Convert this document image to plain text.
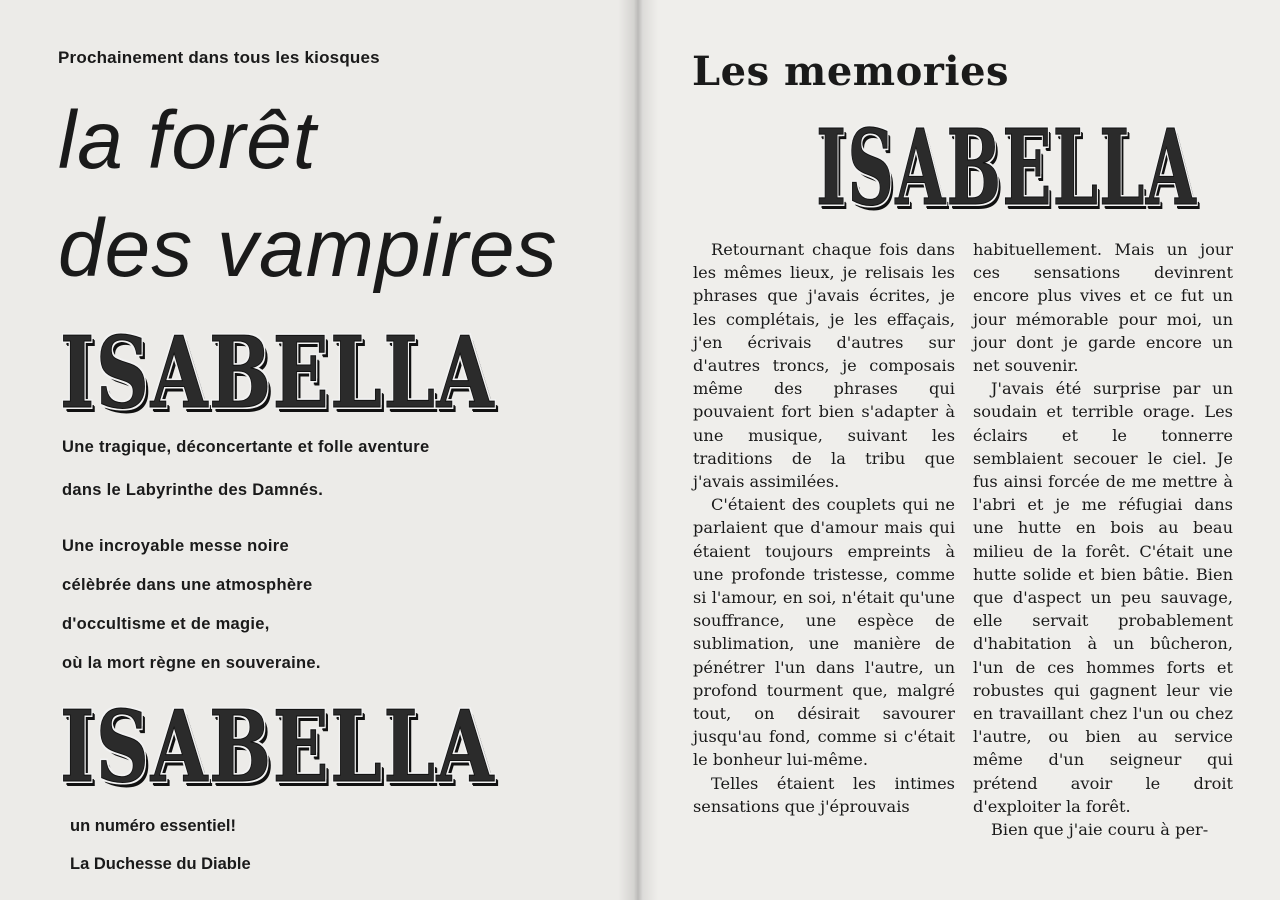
Prochainement dans tous les kiosques
la forêt
des vampires
ISABELLA
Une tragique, déconcertante et folle aventure
dans le Labyrinthe des Damnés.
Une incroyable messe noire
célèbrée dans une atmosphère
d'occultisme et de magie,
où la mort règne en souveraine.
ISABELLA
un numéro essentiel!
La Duchesse du Diable
Les memories
ISABELLA

Retournant chaque fois dans les mêmes lieux, je relisais les phrases que j'avais écrites, je les complétais, je les effaçais, j'en écrivais d'autres sur d'autres troncs, je composais même des phrases qui pouvaient fort bien s'adapter à une musique, suivant les traditions de la tribu que j'avais assimilées.

C'étaient des couplets qui ne parlaient que d'amour mais qui étaient toujours empreints à une profonde tristesse, comme si l'amour, en soi, n'était qu'une souffrance, une espèce de sublimation, une manière de pénétrer l'un dans l'autre, un profond tourment que, malgré tout, on désirait savourer jusqu'au fond, comme si c'était le bonheur lui-même.

Telles étaient les intimes sensations que j'éprouvais

habituellement. Mais un jour ces sensations devinrent encore plus vives et ce fut un jour mémorable pour moi, un jour dont je garde encore un net souvenir.

J'avais été surprise par un soudain et terrible orage. Les éclairs et le tonnerre semblaient secouer le ciel. Je fus ainsi forcée de me mettre à l'abri et je me réfugiai dans une hutte en bois au beau milieu de la forêt. C'était une hutte solide et bien bâtie. Bien que d'aspect un peu sauvage, elle servait probablement d'habitation à un bûcheron, l'un de ces hommes forts et robustes qui gagnent leur vie en travaillant chez l'un ou chez l'autre, ou bien au service même d'un seigneur qui prétend avoir le droit d'exploiter la forêt.

Bien que j'aie couru à per-
